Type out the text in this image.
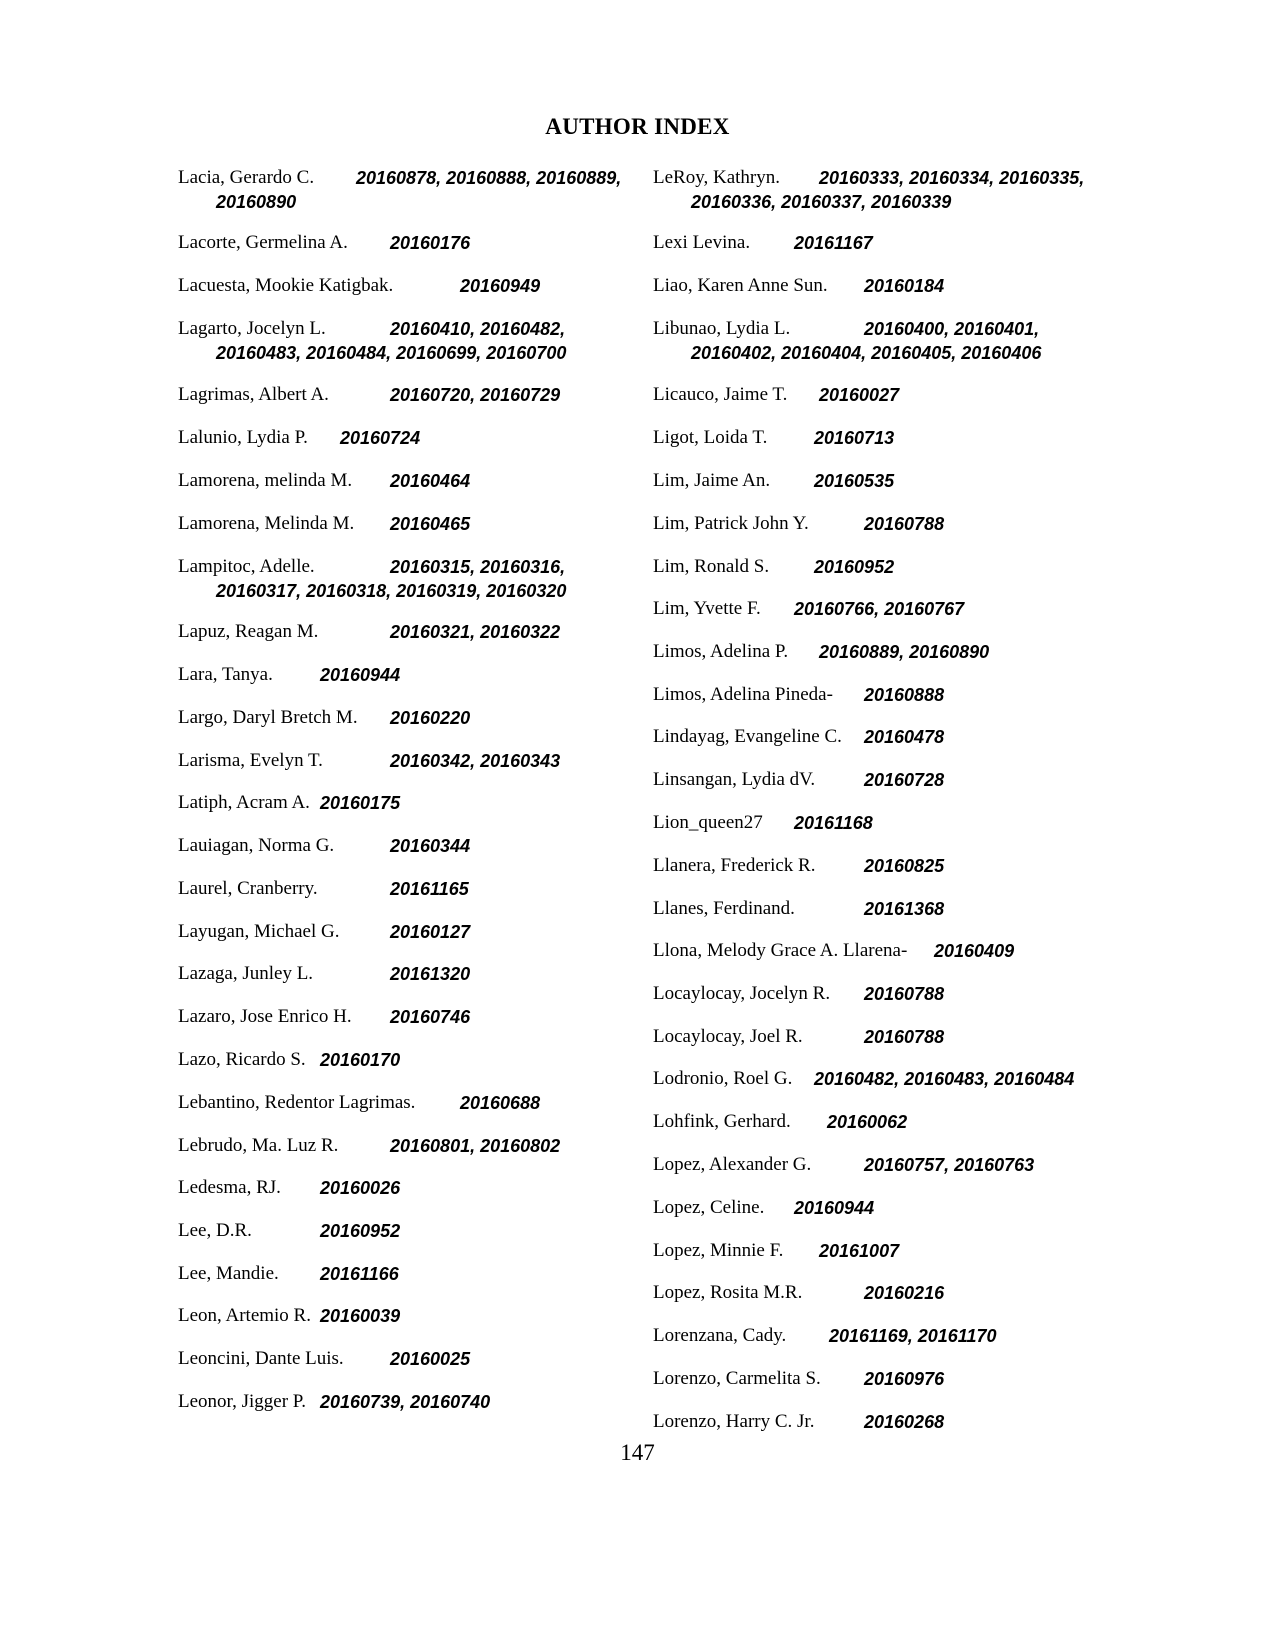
AUTHOR INDEX
Lacia, Gerardo C. 20160878, 20160888, 20160889,
20160890
Lacorte, Germelina A. 20160176
Lacuesta, Mookie Katigbak.	20160949
Lagarto, Jocelyn L.	20160410, 20160482,
20160483, 20160484, 20160699, 20160700
Lagrimas, Albert A.	20160720, 20160729
Lalunio, Lydia P. 20160724
Lamorena, melinda M. 20160464
Lamorena, Melinda M. 20160465
Lampitoc, Adelle.	20160315, 20160316,
20160317, 20160318, 20160319, 20160320
Lapuz, Reagan M.	20160321, 20160322
Lara, Tanya.	20160944
Largo, Daryl Bretch M. 20160220
Larisma, Evelyn T.	20160342, 20160343
Latiph, Acram A. 20160175
Lauiagan, Norma G.	20160344
Laurel, Cranberry.	20161165
Layugan, Michael G.	20160127
Lazaga, Junley L.	20161320
Lazaro, Jose Enrico H. 20160746
Lazo, Ricardo S. 20160170
Lebantino, Redentor Lagrimas. 20160688
Lebrudo, Ma. Luz R.	20160801, 20160802
Ledesma, RJ. 20160026
Lee, D.R.	20160952
Lee, Mandie. 20161166
Leon, Artemio R. 20160039
Leoncini, Dante Luis.	20160025
Leonor, Jigger P. 20160739, 20160740
LeRoy, Kathryn. 20160333, 20160334, 20160335,
20160336, 20160337, 20160339
Lexi Levina. 20161167
Liao, Karen Anne Sun. 20160184
Libunao, Lydia L.	20160400, 20160401,
20160402, 20160404, 20160405, 20160406
Licauco, Jaime T. 20160027
Ligot, Loida T.	20160713
Lim, Jaime An. 20160535
Lim, Patrick John Y.	20160788
Lim, Ronald S. 20160952
Lim, Yvette F. 20160766, 20160767
Limos, Adelina P. 20160889, 20160890
Limos, Adelina Pineda- 20160888
Lindayag, Evangeline C. 20160478
Linsangan, Lydia dV.	20160728
Lion_queen27 20161168
Llanera, Frederick R.	20160825
Llanes, Ferdinand.	20161368
Llona, Melody Grace A. Llarena- 20160409
Locaylocay, Jocelyn R. 20160788
Locaylocay, Joel R.	20160788
Lodronio, Roel G. 20160482, 20160483, 20160484
Lohfink, Gerhard. 20160062
Lopez, Alexander G.	20160757, 20160763
Lopez, Celine. 20160944
Lopez, Minnie F. 20161007
Lopez, Rosita M.R.	20160216
Lorenzana, Cady. 20161169, 20161170
Lorenzo, Carmelita S. 20160976
Lorenzo, Harry C. Jr.	20160268
147
